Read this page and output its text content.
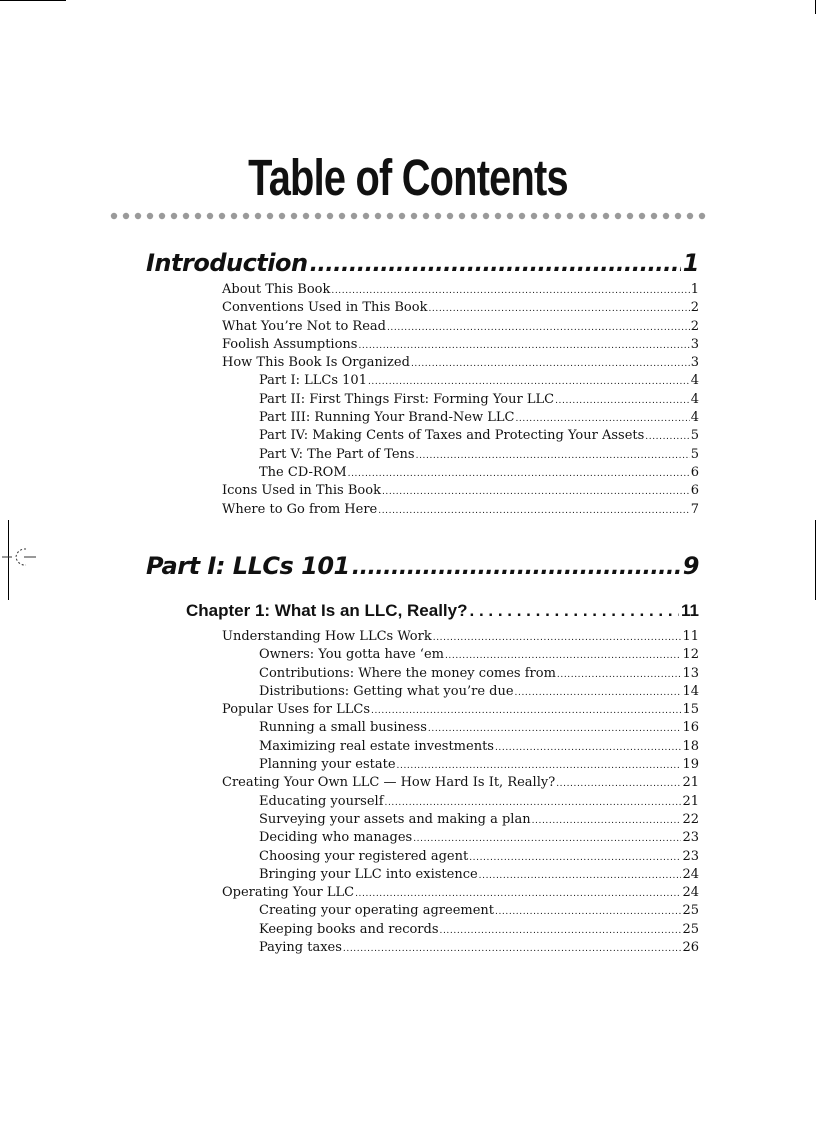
Table of Contents
Introduction .....	1
About This Book .....	1
Conventions Used in This Book .....	2
What You’re Not to Read .....	2
Foolish Assumptions .....	3
How This Book Is Organized .....	3
Part I: LLCs 101 .....	4
Part II: First Things First: Forming Your LLC .....	4
Part III: Running Your Brand-New LLC .....	4
Part IV: Making Cents of Taxes and Protecting Your Assets .....	5
Part V: The Part of Tens .....	5
The CD-ROM .....	6
Icons Used in This Book .....	6
Where to Go from Here .....	7
Part I: LLCs 101 .....	9
Chapter 1: What Is an LLC, Really? . . .	11
Understanding How LLCs Work .....	11
Owners: You gotta have ‘em .....	12
Contributions: Where the money comes from .....	13
Distributions: Getting what you’re due .....	14
Popular Uses for LLCs .....	15
Running a small business .....	16
Maximizing real estate investments .....	18
Planning your estate .....	19
Creating Your Own LLC — How Hard Is It, Really? .....	21
Educating yourself .....	21
Surveying your assets and making a plan .....	22
Deciding who manages .....	23
Choosing your registered agent .....	23
Bringing your LLC into existence .....	24
Operating Your LLC .....	24
Creating your operating agreement .....	25
Keeping books and records .....	25
Paying taxes .....	26
